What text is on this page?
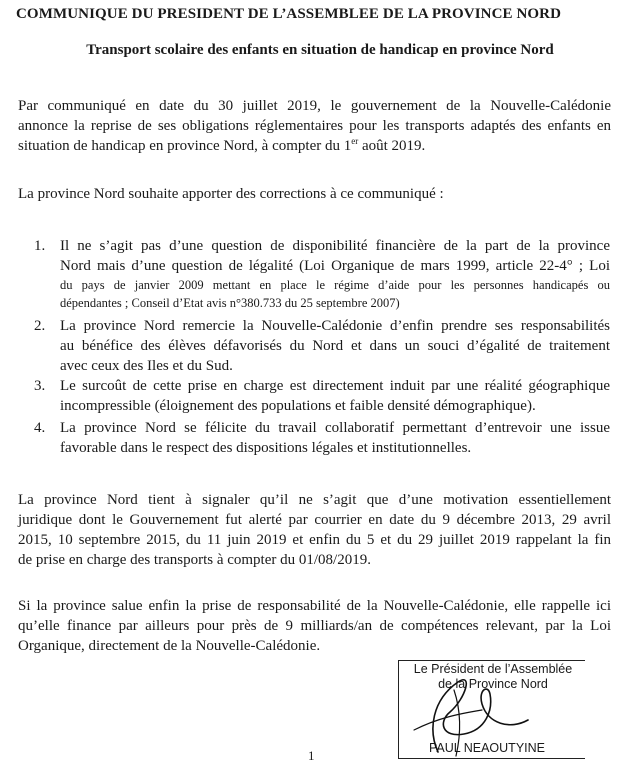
COMMUNIQUE DU PRESIDENT DE L’ASSEMBLEE DE LA PROVINCE NORD
Transport scolaire des enfants en situation de handicap en province Nord
Par communiqué en date du 30 juillet 2019, le gouvernement de la Nouvelle-Calédonie
annonce la reprise de ses obligations réglementaires pour les transports adaptés des enfants en
situation de handicap en province Nord, à compter du 1er août 2019.
La province Nord souhaite apporter des corrections à ce communiqué :
1. Il ne s’agit pas d’une question de disponibilité financière de la part de la province
Nord mais d’une question de légalité (Loi Organique de mars 1999, article 22-4° ; Loi
du pays de janvier 2009 mettant en place le régime d’aide pour les personnes handicapés ou
dépendantes ; Conseil d’Etat avis n°380.733 du 25 septembre 2007)
2. La province Nord remercie la Nouvelle-Calédonie d’enfin prendre ses responsabilités
au bénéfice des élèves défavorisés du Nord et dans un souci d’égalité de traitement
avec ceux des Iles et du Sud.
3. Le surcoût de cette prise en charge est directement induit par une réalité géographique
incompressible (éloignement des populations et faible densité démographique).
4. La province Nord se félicite du travail collaboratif permettant d’entrevoir une issue
favorable dans le respect des dispositions légales et institutionnelles.
La province Nord tient à signaler qu’il ne s’agit que d’une motivation essentiellement
juridique dont le Gouvernement fut alerté par courrier en date du 9 décembre 2013, 29 avril
2015, 10 septembre 2015, du 11 juin 2019 et enfin du 5 et du 29 juillet 2019 rappelant la fin
de prise en charge des transports à compter du 01/08/2019.
Si la province salue enfin la prise de responsabilité de la Nouvelle-Calédonie, elle rappelle ici
qu’elle finance par ailleurs pour près de 9 milliards/an de compétences relevant, par la Loi
Organique, directement de la Nouvelle-Calédonie.
Le Président de l’Assemblée
de la Province Nord
PAUL NEAOUTYINE
1
